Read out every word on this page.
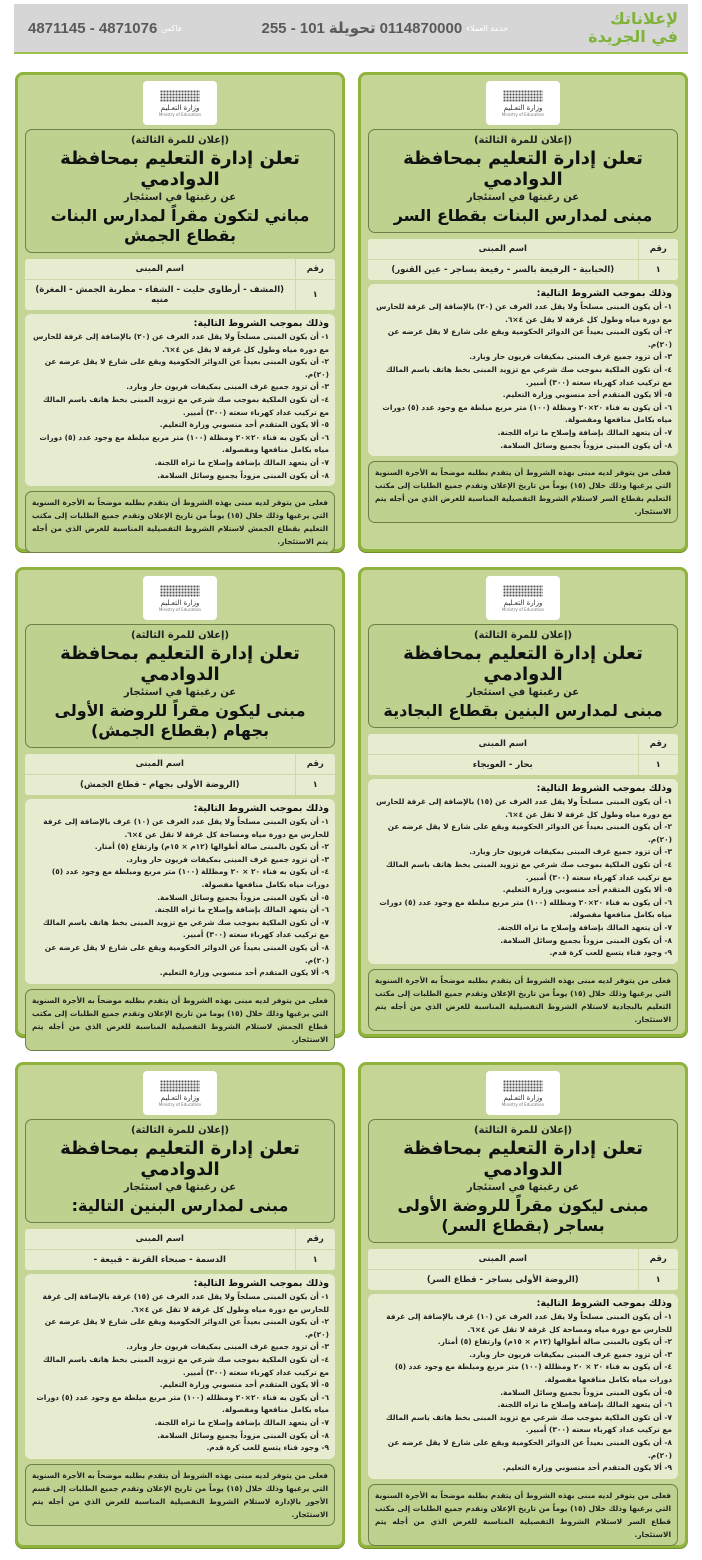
4871145 - 4871076 فاكس	255 - 101 تحويلة 0114870000 خدمة العملاء	لإعلاناتك
في الجريدة
وزارة التعـليم
Ministry of Education
(إعلان للمرة الثالثة)
تعلن إدارة التعليم بمحافظة الدوادمي
عن رغبتها في استئجار
مبنى لمدارس البنات بقطاع السر
رقم	اسم المبنى
١	(الحبابية - الرفيعة بالسر - رفيعة بساجر - عين القنور)
وذلك بموجب الشروط التالية:
١- أن يكون المبنى مسلحاً ولا يقل عدد الغرف عن (٢٠) بالإضافة إلى غرفة للحارس مع دورة مياه وطول كل غرفة لا يقل عن ٤×٦.
٢- أن يكون المبنى بعيداً عن الدوائر الحكومية ويقع على شارع لا يقل عرضه عن (٢٠)م.
٣- أن تزود جميع غرف المبنى بمكيفات فريون حار وبارد.
٤- أن تكون الملكية بموجب صك شرعي مع تزويد المبنى بخط هاتف باسم المالك مع تركيب عداد كهرباء سعته (٣٠٠) أمبير.
٥- ألا يكون المتقدم أحد منسوبي وزارة التعليم.
٦- أن يكون به فناء ٢٠×٢٠ ومظلة (١٠٠) متر مربع مبلطة مع وجود عدد (٥) دورات مياه بكامل منافعها ومفصولة.
٧- أن يتعهد المالك بإضافة وإصلاح ما تراه اللجنة.
٨- أن يكون المبنى مزوداً بجميع وسائل السلامة.
فعلى من يتوفر لديه مبنى بهذه الشروط أن يتقدم بطلبه موضحاً به الأجرة السنوية التي يرغبها وذلك خلال (١٥) يوماً من تاريخ الإعلان وتقدم جميع الطلبات إلى مكتب التعليم بقطاع السر لاستلام الشروط التفصيلية المناسبة للغرض الذي من أجله يتم الاستئجار.
وزارة التعـليم
Ministry of Education
(إعلان للمرة الثالثة)
تعلن إدارة التعليم بمحافظة الدوادمي
عن رغبتها في استئجار
مباني لتكون مقراً لمدارس البنات بقطاع الجمش
رقم	اسم المبنى
١	(المشف - أرطاوي حليت - الشفاء - مطربة الجمش - المغرة) منيه
وذلك بموجب الشروط التالية:
١- أن يكون المبنى مسلحاً ولا يقل عدد الغرف عن (٢٠) بالإضافة إلى غرفة للحارس مع دورة مياه وطول كل غرفة لا يقل عن ٤×٦.
٢- أن يكون المبنى بعيداً عن الدوائر الحكومية ويقع على شارع لا يقل عرضه عن (٢٠)م.
٣- أن تزود جميع غرف المبنى بمكيفات فريون حار وبارد.
٤- أن تكون الملكية بموجب صك شرعي مع تزويد المبنى بخط هاتف باسم المالك مع تركيب عداد كهرباء سعته (٣٠٠) أمبير.
٥- ألا يكون المتقدم أحد منسوبي وزارة التعليم.
٦- أن يكون به فناء ٢٠×٢٠ ومظلة (١٠٠) متر مربع مبلطة مع وجود عدد (٥) دورات مياه بكامل منافعها ومفصولة.
٧- أن يتعهد المالك بإضافة وإصلاح ما تراه اللجنة.
٨- أن يكون المبنى مزوداً بجميع وسائل السلامة.
فعلى من يتوفر لديه مبنى بهذه الشروط أن يتقدم بطلبه موضحاً به الأجرة السنوية التي يرغبها وذلك خلال (١٥) يوماً من تاريخ الإعلان وتقدم جميع الطلبات إلى مكتب التعليم بقطاع الجمش لاستلام الشروط التفصيلية المناسبة للغرض الذي من أجله يتم الاستئجار.
وزارة التعـليم
Ministry of Education
(إعلان للمرة الثالثة)
تعلن إدارة التعليم بمحافظة الدوادمي
عن رغبتها في استئجار
مبنى لمدارس البنين بقطاع البجادية
رقم	اسم المبنى
١	بحار - العويجاء
وذلك بموجب الشروط التالية:
١- أن يكون المبنى مسلحاً ولا يقل عدد الغرف عن (١٥) بالإضافة إلى غرفة للحارس مع دورة مياه وطول كل غرفة لا تقل عن ٤×٦.
٢- أن يكون المبنى بعيداً عن الدوائر الحكومية ويقع على شارع لا يقل عرضه عن (٢٠)م.
٣- أن تزود جميع غرف المبنى بمكيفات فريون حار وبارد.
٤- أن تكون الملكية بموجب صك شرعي مع تزويد المبنى بخط هاتف باسم المالك مع تركيب عداد كهرباء سعته (٣٠٠) أمبير.
٥- ألا يكون المتقدم أحد منسوبي وزارة التعليم.
٦- أن يكون به فناء ٢٠×٢٠ ومظلله (١٠٠) متر مربع مبلطة مع وجود عدد (٥) دورات مياه بكامل منافعها مفصولة.
٧- أن يتعهد المالك بإضافة وإصلاح ما تراه اللجنة.
٨- أن يكون المبنى مزوداً بجميع وسائل السلامة.
٩- وجود فناء يتسع للعب كرة قدم.
فعلى من يتوفر لديه مبنى بهذه الشروط أن يتقدم بطلبه موضحاً به الأجرة السنوية التي يرغبها وذلك خلال (١٥) يوماً من تاريخ الإعلان وتقدم جميع الطلبات إلى مكتب التعليم بالبجادية لاستلام الشروط التفصيلية المناسبة للغرض الذي من أجله يتم الاستئجار.
وزارة التعـليم
Ministry of Education
(إعلان للمرة الثالثة)
تعلن إدارة التعليم بمحافظة الدوادمي
عن رغبتها في استئجار
مبنى ليكون مقراً للروضة الأولى بجهام (بقطاع الجمش)
رقم	اسم المبنى
١	(الروضة الأولى بجهام - قطاع الجمش)
وذلك بموجب الشروط التالية:
١- أن يكون المبنى مسلحاً ولا يقل عدد الغرف عن (١٠) غرف بالإضافة إلى غرفة للحارس مع دورة مياه ومساحة كل غرفة لا تقل عن ٤×٦.
٢- أن يكون بالمبنى صالة أطوالها (١٢م × ١٥م) وارتفاع (٥) أمتار.
٣- أن تزود جميع غرف المبنى بمكيفات فريون حار وبارد.
٤- أن يكون به فناء ٢٠ × ٢٠ ومظللة (١٠٠) متر مربع ومبلطة مع وجود عدد (٥) دورات مياه بكامل منافعها مفصولة.
٥- أن يكون المبنى مزوداً بجميع وسائل السلامة.
٦- أن يتعهد المالك بإضافة وإصلاح ما تراه اللجنة.
٧- أن تكون الملكية بموجب صك شرعي مع تزويد المبنى بخط هاتف باسم المالك مع تركيب عداد كهرباء سعته (٣٠٠) أمبير.
٨- أن يكون المبنى بعيداً عن الدوائر الحكومية ويقع على شارع لا يقل عرضه عن (٢٠)م.
٩- ألا يكون المتقدم أحد منسوبي وزارة التعليم.
فعلى من يتوفر لديه مبنى بهذه الشروط أن يتقدم بطلبه موضحاً به الأجرة السنوية التي يرغبها وذلك خلال (١٥) يوما من تاريخ الإعلان وتقدم جميع الطلبات إلى مكتب قطاع الجمش لاستلام الشروط التفصيلية المناسبة للغرض الذي من أجله يتم الاستئجار.
وزارة التعـليم
Ministry of Education
(إعلان للمرة الثالثة)
تعلن إدارة التعليم بمحافظة الدوادمي
عن رغبتها في استئجار
مبنى ليكون مقراً للروضة الأولى بساجر (بقطاع السر)
رقم	اسم المبنى
١	(الروضة الأولى بساجر - قطاع السر)
وذلك بموجب الشروط التالية:
١- أن يكون المبنى مسلحاً ولا يقل عدد الغرف عن (١٠) غرف بالإضافة إلى غرفة للحارس مع دورة مياه ومساحة كل غرفة لا تقل عن ٤×٦.
٢- أن يكون بالمبنى صالة أطوالها (١٢م × ١٥م) وارتفاع (٥) أمتار.
٣- أن تزود جميع غرف المبنى بمكيفات فريون حار وبارد.
٤- أن يكون به فناء ٢٠ × ٢٠ ومظللة (١٠٠) متر مربع ومبلطة مع وجود عدد (٥) دورات مياه بكامل منافعها مفصولة.
٥- أن يكون المبنى مزوداً بجميع وسائل السلامة.
٦- أن يتعهد المالك بإضافة وإصلاح ما تراه اللجنة.
٧- أن تكون الملكية بموجب صك شرعي مع تزويد المبنى بخط هاتف باسم المالك مع تركيب عداد كهرباء سعته (٣٠٠) أمبير.
٨- أن يكون المبنى بعيداً عن الدوائر الحكومية ويقع على شارع لا يقل عرضه عن (٢٠)م.
٩- ألا يكون المتقدم أحد منسوبي وزارة التعليم.
فعلى من يتوفر لديه مبنى بهذه الشروط أن يتقدم بطلبه موضحاً به الأجرة السنوية التي يرغبها وذلك خلال (١٥) يوماً من تاريخ الإعلان وتقدم جميع الطلبات إلى مكتب قطاع السر لاستلام الشروط التفصيلية المناسبة للغرض الذي من أجله يتم الاستئجار.
وزارة التعـليم
Ministry of Education
(إعلان للمرة الثالثة)
تعلن إدارة التعليم بمحافظة الدوادمي
عن رغبتها في استئجار
مبنى لمدارس البنين التالية:
رقم	اسم المبنى
١	الدسمة - صبحاء القرنة - قبيعة -
وذلك بموجب الشروط التالية:
١- أن يكون المبنى مسلحاً ولا يقل عدد الغرف عن (١٥) غرفة بالإضافة إلى غرفة للحارس مع دورة مياه وطول كل غرفة لا تقل عن ٤×٦.
٢- أن يكون المبنى بعيداً عن الدوائر الحكومية ويقع على شارع لا يقل عرضه عن (٢٠)م.
٣- أن تزود جميع غرف المبنى بمكيفات فريون حار وبارد.
٤- أن تكون الملكية بموجب صك شرعي مع تزويد المبنى بخط هاتف باسم المالك مع تركيب عداد كهرباء سعته (٣٠٠) أمبير.
٥- ألا يكون المتقدم أحد منسوبي وزارة التعليم.
٦- أن يكون به فناء ٢٠×٢٠ ومظلله (١٠٠) متر مربع مبلطة مع وجود عدد (٥) دورات مياه بكامل منافعها ومفصولة.
٧- أن يتعهد المالك بإضافة وإصلاح ما تراه اللجنة.
٨- أن يكون المبنى مزوداً بجميع وسائل السلامة.
٩- وجود فناء يتسع للعب كرة قدم.
فعلى من يتوفر لديه مبنى بهذه الشروط أن يتقدم بطلبه موضحاً به الأجرة السنوية التي يرغبها وذلك خلال (١٥) يوماً من تاريخ الإعلان وتقدم جميع الطلبات إلى قسم الأجور بالإدارة لاستلام الشروط التفصيلية المناسبة للغرض الذي من أجله يتم الاستئجار.
